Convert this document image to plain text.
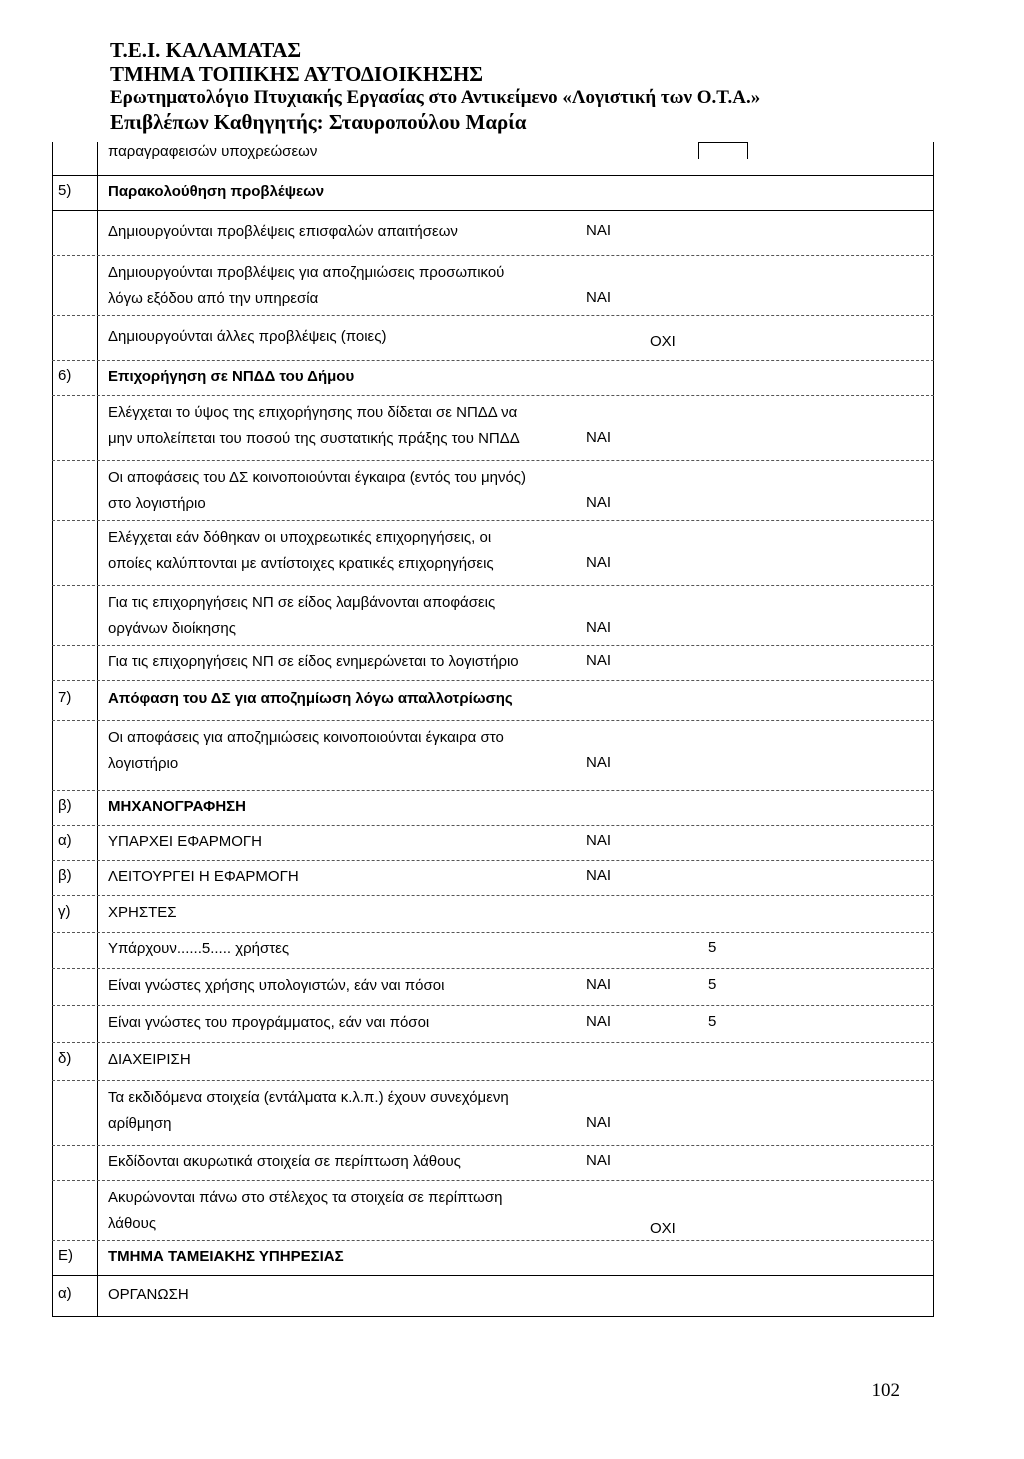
Τ.Ε.Ι. ΚΑΛΑΜΑΤΑΣ
ΤΜΗΜΑ ΤΟΠΙΚΗΣ ΑΥΤΟΔΙΟΙΚΗΣΗΣ
Ερωτηματολόγιο Πτυχιακής Εργασίας στο Αντικείμενο «Λογιστική των Ο.Τ.Α.»
Επιβλέπων Καθηγητής: Σταυροπούλου Μαρία
παραγραφεισών υποχρεώσεων
5) Παρακολούθηση προβλέψεων
Δημιουργούνται προβλέψεις επισφαλών απαιτήσεων	ΝΑΙ
Δημιουργούνται προβλέψεις για αποζημιώσεις προσωπικού
λόγω εξόδου από την υπηρεσία	ΝΑΙ
Δημιουργούνται άλλες προβλέψεις (ποιες)	ΟΧΙ
6) Επιχορήγηση σε ΝΠΔΔ του Δήμου
Ελέγχεται το ύψος της επιχορήγησης που δίδεται σε ΝΠΔΔ να
μην υπολείπεται του ποσού της συστατικής πράξης του ΝΠΔΔ	ΝΑΙ
Οι αποφάσεις του ΔΣ κοινοποιούνται έγκαιρα (εντός του μηνός)
στο λογιστήριο	ΝΑΙ
Ελέγχεται εάν δόθηκαν οι υποχρεωτικές επιχορηγήσεις, οι
οποίες καλύπτονται με αντίστοιχες κρατικές επιχορηγήσεις	ΝΑΙ
Για τις επιχορηγήσεις ΝΠ σε είδος λαμβάνονται αποφάσεις
οργάνων διοίκησης	ΝΑΙ
Για τις επιχορηγήσεις ΝΠ σε είδος ενημερώνεται το λογιστήριο	ΝΑΙ
7) Απόφαση του ΔΣ για αποζημίωση λόγω απαλλοτρίωσης
Οι αποφάσεις για αποζημιώσεις κοινοποιούνται έγκαιρα στο
λογιστήριο	ΝΑΙ
β) ΜΗΧΑΝΟΓΡΑΦΗΣΗ
α) ΥΠΑΡΧΕΙ ΕΦΑΡΜΟΓΗ	ΝΑΙ
β) ΛΕΙΤΟΥΡΓΕΙ Η ΕΦΑΡΜΟΓΗ	ΝΑΙ
γ)	ΧΡΗΣΤΕΣ
Υπάρχουν......5..... χρήστες	5
Είναι γνώστες χρήσης υπολογιστών, εάν ναι πόσοι	ΝΑΙ	5
Είναι γνώστες του προγράμματος, εάν ναι πόσοι	ΝΑΙ	5
δ) ΔΙΑΧΕΙΡΙΣΗ
Τα εκδιδόμενα στοιχεία (εντάλματα κ.λ.π.) έχουν συνεχόμενη
αρίθμηση	ΝΑΙ
Εκδίδονται ακυρωτικά στοιχεία σε περίπτωση λάθους	ΝΑΙ
Ακυρώνονται πάνω στο στέλεχος τα στοιχεία σε περίπτωση
λάθους	ΟΧΙ
Ε) ΤΜΗΜΑ ΤΑΜΕΙΑΚΗΣ ΥΠΗΡΕΣΙΑΣ
α) ΟΡΓΑΝΩΣΗ
102
